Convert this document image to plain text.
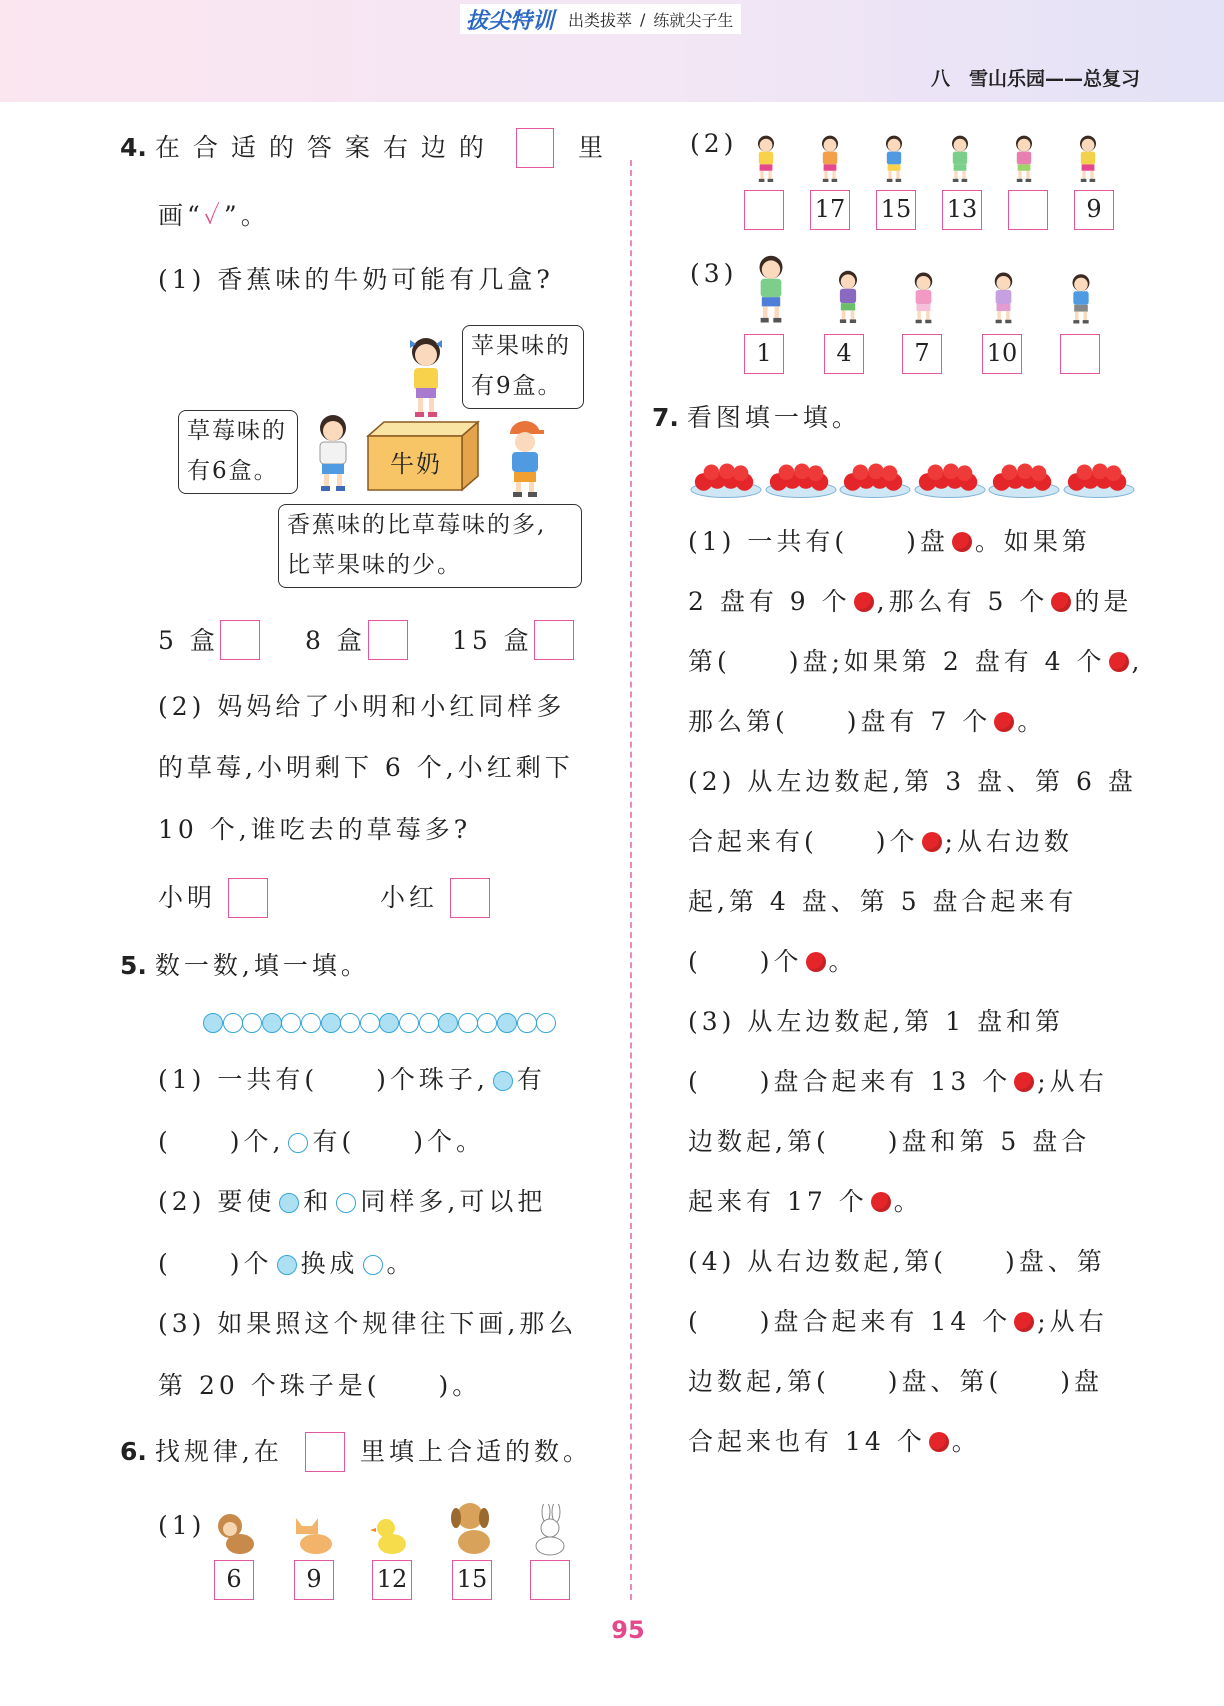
拔尖特训 出类拔萃 / 练就尖子生
八　雪山乐园——总复习
4. 在合适的答案右边的	里
画“✓”。
(1) 香蕉味的牛奶可能有几盒?
苹果味的
有9盒。
草莓味的
有6盒。	牛奶
香蕉味的比草莓味的多,
比苹果味的少。
5 盒	8 盒	15 盒
(2) 妈妈给了小明和小红同样多
的草莓,小明剩下 6 个,小红剩下
10 个,谁吃去的草莓多?
小明	小红
5. 数一数,填一填。
(1) 一共有(　　)个珠子, 有
(　　)个, 有(　　)个。
(2) 要使 和 同样多,可以把
(　　)个 换成 。
(3) 如果照这个规律往下画,那么
第 20 个珠子是(　　)。
6. 找规律,在	里填上合适的数。
(1)
6	9	12 15
(2)
17 15 13	9
(3)
1	4	7	10
7. 看图填一填。
(1) 一共有(　　)盘 。如果第
2 盘有 9 个 ,那么有 5 个 的是
第(　　)盘;如果第 2 盘有 4 个 ,
那么第(　　)盘有 7 个 。
(2) 从左边数起,第 3 盘、第 6 盘
合起来有(　　)个 ;从右边数
起,第 4 盘、第 5 盘合起来有
(　　)个 。
(3) 从左边数起,第 1 盘和第
(　　)盘合起来有 13 个 ;从右
边数起,第(　　)盘和第 5 盘合
起来有 17 个 。
(4) 从右边数起,第(　　)盘、第
(　　)盘合起来有 14 个 ;从右
边数起,第(　　)盘、第(　　)盘
合起来也有 14 个 。
95
